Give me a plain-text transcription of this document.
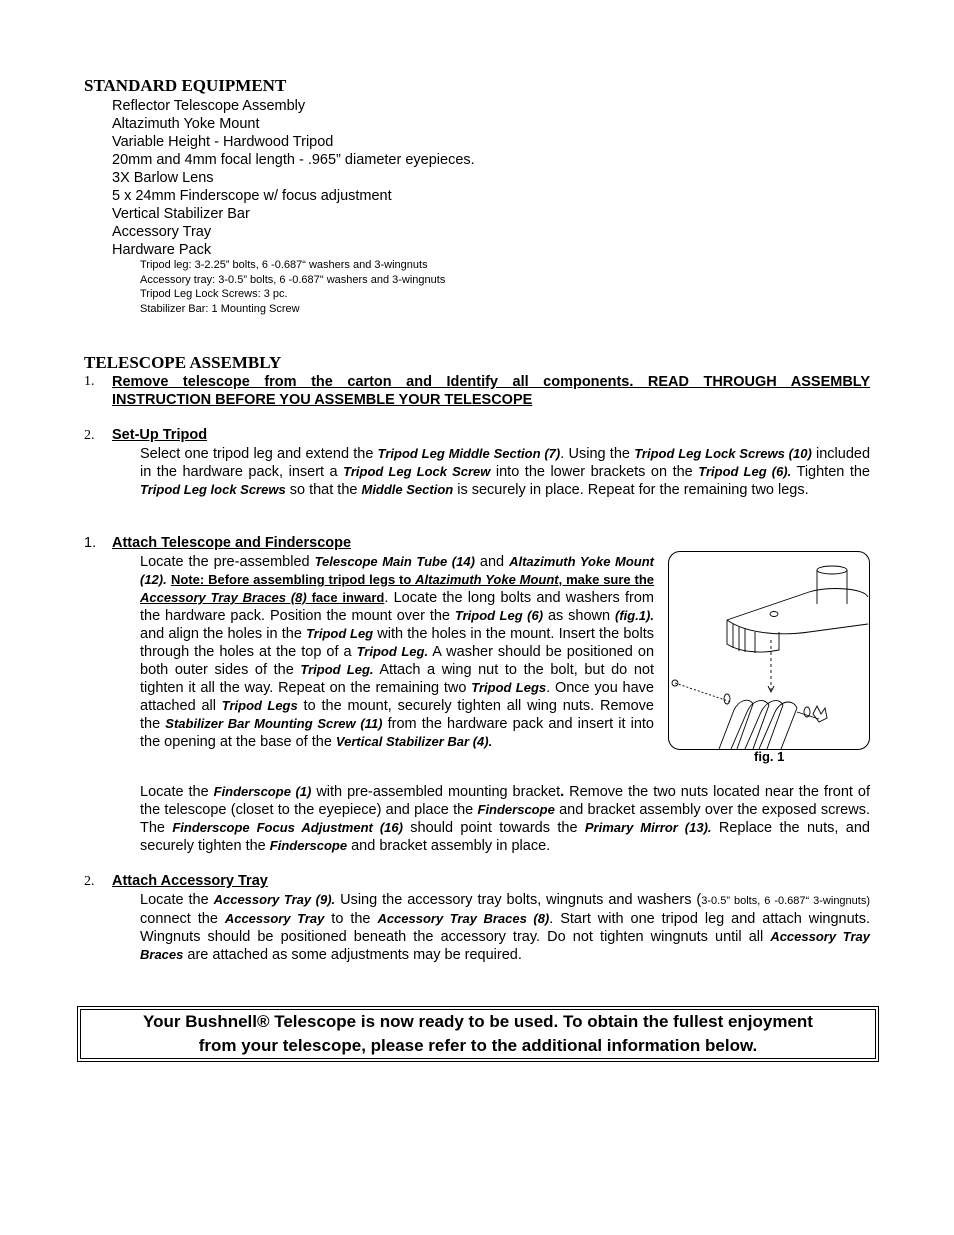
STANDARD EQUIPMENT
Reflector Telescope Assembly
Altazimuth Yoke Mount
Variable Height - Hardwood Tripod
20mm and 4mm focal length - .965” diameter eyepieces.
3X Barlow Lens
5 x 24mm Finderscope w/ focus adjustment
Vertical Stabilizer Bar
Accessory Tray
Hardware Pack
Tripod leg: 3-2.25” bolts, 6 -0.687“ washers and 3-wingnuts
Accessory tray: 3-0.5” bolts, 6 -0.687" washers and 3-wingnuts
Tripod Leg Lock Screws: 3 pc.
Stabilizer Bar: 1 Mounting Screw
TELESCOPE ASSEMBLY
1. Remove telescope from the carton and Identify all components. READ THROUGH ASSEMBLY
INSTRUCTION BEFORE YOU ASSEMBLE YOUR TELESCOPE
2. Set-Up Tripod
Select one tripod leg and extend the Tripod Leg Middle Section (7). Using the Tripod Leg Lock Screws (10) included in the hardware pack, insert a Tripod Leg Lock Screw into the lower brackets on the Tripod Leg (6). Tighten the Tripod Leg lock Screws so that the Middle Section is securely in place. Repeat for the remaining two legs.
1. Attach Telescope and Finderscope
Locate the pre-assembled Telescope Main Tube (14) and Altazimuth Yoke Mount (12). Note: Before assembling tripod legs to Altazimuth Yoke Mount, make sure the Accessory Tray Braces (8) face inward. Locate the long bolts and washers from the hardware pack. Position the mount over the Tripod Leg (6) as shown (fig.1). and align the holes in the Tripod Leg with the holes in the mount. Insert the bolts through the holes at the top of a Tripod Leg. A washer should be positioned on both outer sides of the Tripod Leg. Attach a wing nut to the bolt, but do not tighten it all the way. Repeat on the remaining two Tripod Legs. Once you have attached all Tripod Legs to the mount, securely tighten all wing nuts. Remove the Stabilizer Bar Mounting Screw (11) from the hardware pack and insert it into the opening at the base of the Vertical Stabilizer Bar (4).
fig. 1
Locate the Finderscope (1) with pre-assembled mounting bracket. Remove the two nuts located near the front of the telescope (closet to the eyepiece) and place the Finderscope and bracket assembly over the exposed screws. The Finderscope Focus Adjustment (16) should point towards the Primary Mirror (13). Replace the nuts, and securely tighten the Finderscope and bracket assembly in place.
2. Attach Accessory Tray
Locate the Accessory Tray (9). Using the accessory tray bolts, wingnuts and washers (3-0.5” bolts, 6 -0.687“ 3-wingnuts) connect the Accessory Tray to the Accessory Tray Braces (8). Start with one tripod leg and attach wingnuts. Wingnuts should be positioned beneath the accessory tray. Do not tighten wingnuts until all Accessory Tray Braces are attached as some adjustments may be required.
Your Bushnell® Telescope is now ready to be used. To obtain the fullest enjoyment
from your telescope, please refer to the additional information below.
